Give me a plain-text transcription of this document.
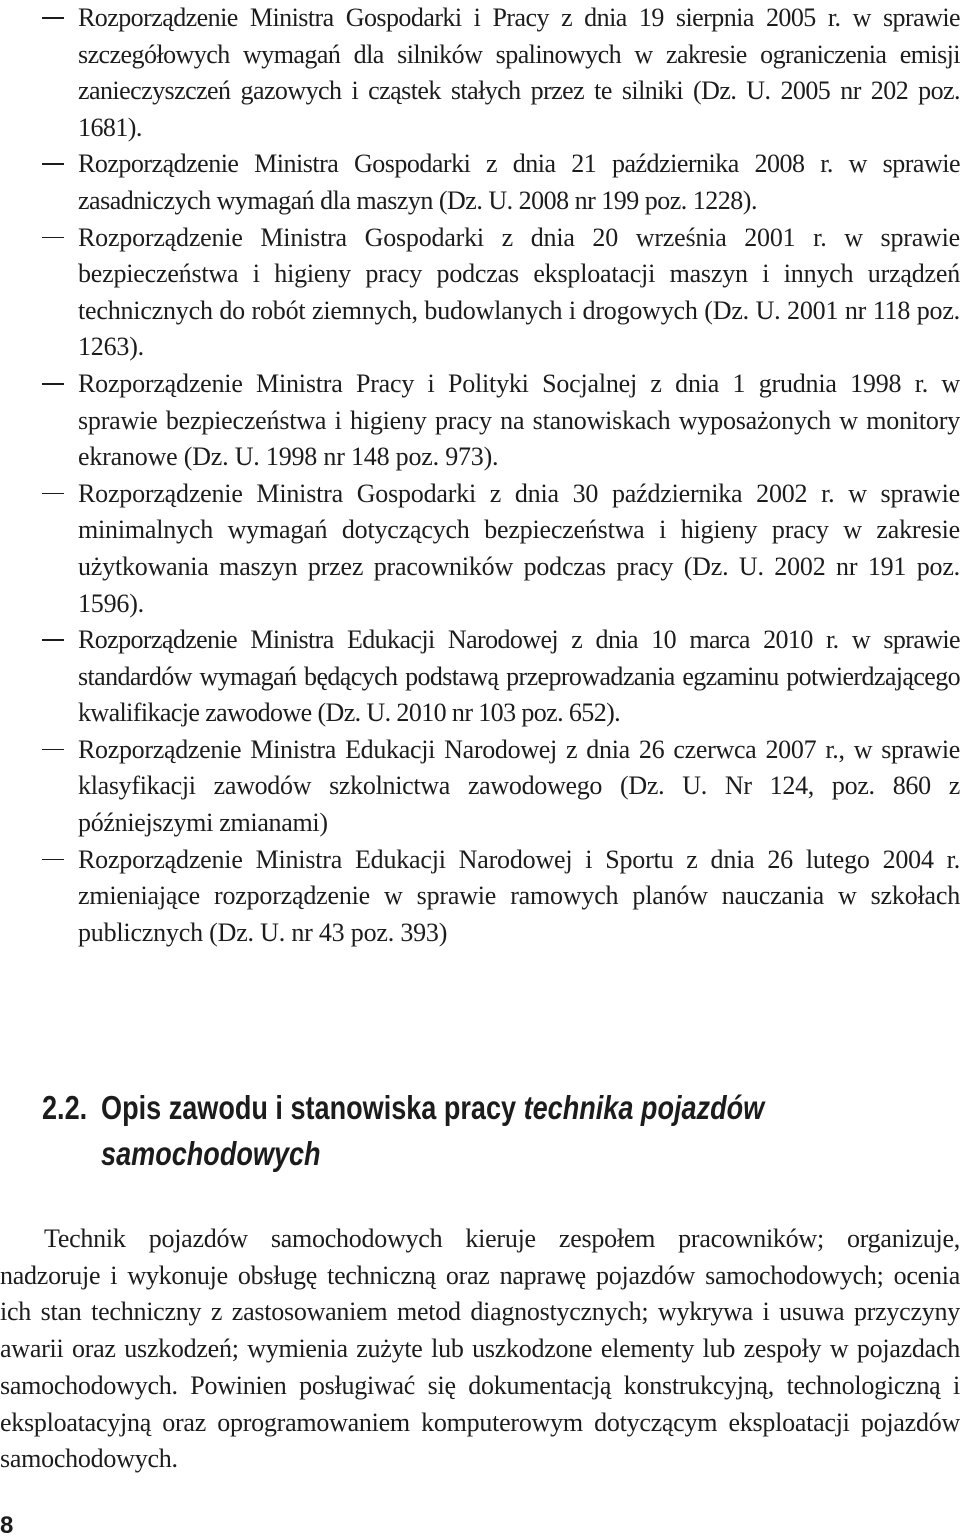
Rozporządzenie Ministra Gospodarki i Pracy z dnia 19 sierpnia 2005 r. w sprawie szczegółowych wymagań dla silników spalinowych w zakresie ograniczenia emisji zanieczyszczeń gazowych i cząstek stałych przez te silniki (Dz. U. 2005 nr 202 poz. 1681).
Rozporządzenie Ministra Gospodarki z dnia 21 października 2008 r. w sprawie zasadniczych wymagań dla maszyn (Dz. U. 2008 nr 199 poz. 1228).
Rozporządzenie Ministra Gospodarki z dnia 20 września 2001 r. w sprawie bezpieczeństwa i higieny pracy podczas eksploatacji maszyn i innych urządzeń technicznych do robót ziemnych, budowlanych i drogowych (Dz. U. 2001 nr 118 poz. 1263).
Rozporządzenie Ministra Pracy i Polityki Socjalnej z dnia 1 grudnia 1998 r. w sprawie bezpieczeństwa i higieny pracy na stanowiskach wyposażonych w monitory ekranowe (Dz. U. 1998 nr 148 poz. 973).
Rozporządzenie Ministra Gospodarki z dnia 30 października 2002 r. w sprawie minimalnych wymagań dotyczących bezpieczeństwa i higieny pracy w zakresie użytkowania maszyn przez pracowników podczas pracy (Dz. U. 2002 nr 191 poz. 1596).
Rozporządzenie Ministra Edukacji Narodowej z dnia 10 marca 2010 r. w sprawie standardów wymagań będących podstawą przeprowadzania egzaminu potwierdzającego kwalifikacje zawodowe (Dz. U. 2010 nr 103 poz. 652).
Rozporządzenie Ministra Edukacji Narodowej z dnia 26 czerwca 2007 r., w sprawie klasyfikacji zawodów szkolnictwa zawodowego (Dz. U. Nr 124, poz. 860 z późniejszymi zmianami)
Rozporządzenie Ministra Edukacji Narodowej i Sportu z dnia 26 lutego 2004 r. zmieniające rozporządzenie w sprawie ramowych planów nauczania w szkołach publicznych (Dz. U. nr 43 poz. 393)
2.2. Opis zawodu i stanowiska pracy technika pojazdów
samochodowych

Technik pojazdów samochodowych kieruje zespołem pracowników; organizuje, nadzoruje i wykonuje obsługę techniczną oraz naprawę pojazdów samochodowych; ocenia ich stan techniczny z zastosowaniem metod diagnostycznych; wykrywa i usuwa przyczyny awarii oraz uszkodzeń; wymienia zużyte lub uszkodzone elementy lub zespoły w pojazdach samochodowych. Powinien posługiwać się dokumentacją konstrukcyjną, technologiczną i eksploatacyjną oraz oprogramowaniem komputerowym dotyczącym eksploatacji pojazdów samochodowych.

8
